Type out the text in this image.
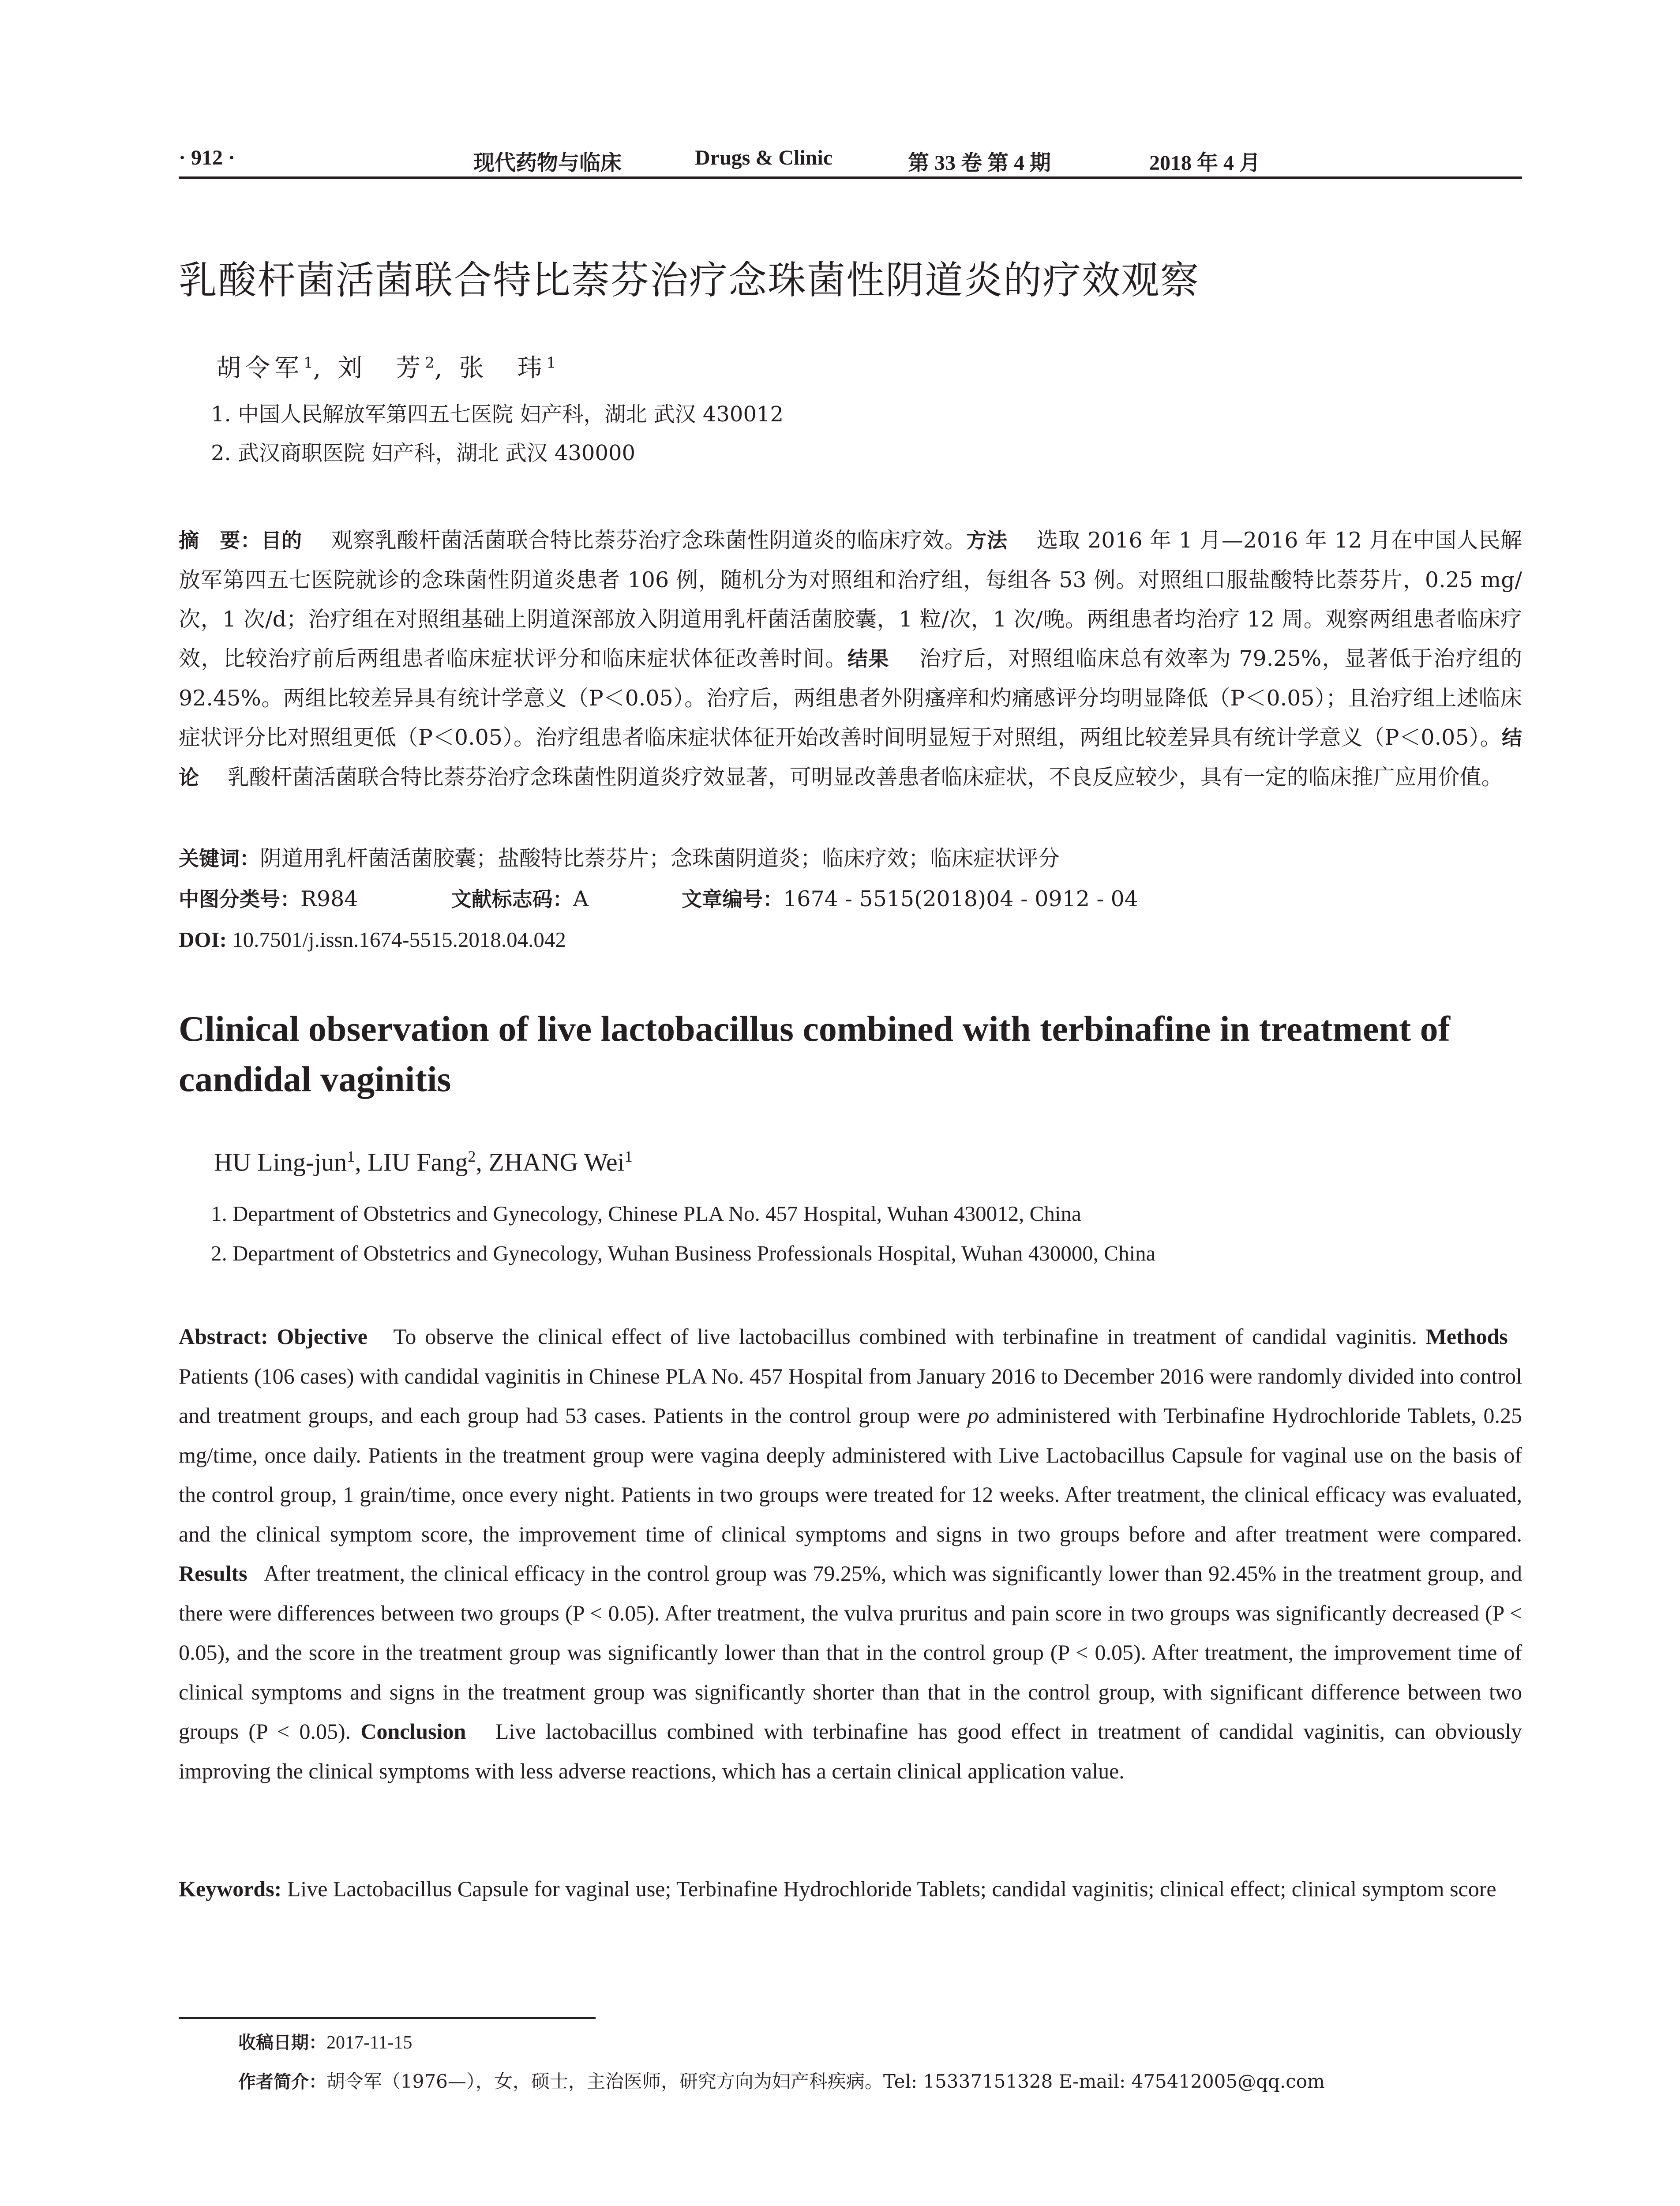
· 912 ·	现代药物与临床	Drugs & Clinic	第 33 卷 第 4 期	2018 年 4 月
乳酸杆菌活菌联合特比萘芬治疗念珠菌性阴道炎的疗效观察
胡令军$^1$, 刘　芳$^2$, 张　玮$^1$
1. 中国人民解放军第四五七医院 妇产科，湖北 武汉 430012
2. 武汉商职医院 妇产科，湖北 武汉 430000
摘　要：目的　 观察乳酸杆菌活菌联合特比萘芬治疗念珠菌性阴道炎的临床疗效。方法　 选取 2016 年 1 月—2016 年 12 月在中国人民解放军第四五七医院就诊的念珠菌性阴道炎患者 106 例，随机分为对照组和治疗组，每组各 53 例。对照组口服盐酸特比萘芬片，0.25 mg/次，1 次/d；治疗组在对照组基础上阴道深部放入阴道用乳杆菌活菌胶囊，1 粒/次，1 次/晚。两组患者均治疗 12 周。观察两组患者临床疗效，比较治疗前后两组患者临床症状评分和临床症状体征改善时间。结果　 治疗后，对照组临床总有效率为 79.25%，显著低于治疗组的 92.45%。两组比较差异具有统计学意义（P＜0.05）。治疗后，两组患者外阴瘙痒和灼痛感评分均明显降低（P＜0.05）；且治疗组上述临床症状评分比对照组更低（P＜0.05）。治疗组患者临床症状体征开始改善时间明显短于对照组，两组比较差异具有统计学意义（P＜0.05）。结论　 乳酸杆菌活菌联合特比萘芬治疗念珠菌性阴道炎疗效显著，可明显改善患者临床症状，不良反应较少，具有一定的临床推广应用价值。
关键词：阴道用乳杆菌活菌胶囊；盐酸特比萘芬片；念珠菌阴道炎；临床疗效；临床症状评分
中图分类号：R984	文献标志码：A	文章编号：1674 - 5515(2018)04 - 0912 - 04
DOI: 10.7501/j.issn.1674-5515.2018.04.042
Clinical observation of live lactobacillus combined with terbinafine in treatment of candidal vaginitis
HU Ling-jun$^1$, LIU Fang$^2$, ZHANG Wei$^1$
1. Department of Obstetrics and Gynecology, Chinese PLA No. 457 Hospital, Wuhan 430012, China
2. Department of Obstetrics and Gynecology, Wuhan Business Professionals Hospital, Wuhan 430000, China
Abstract: Objective To observe the clinical effect of live lactobacillus combined with terbinafine in treatment of candidal vaginitis. Methods   Patients (106 cases) with candidal vaginitis in Chinese PLA No. 457 Hospital from January 2016 to December 2016 were randomly divided into control and treatment groups, and each group had 53 cases. Patients in the control group were po administered with Terbinafine Hydrochloride Tablets, 0.25 mg/time, once daily. Patients in the treatment group were vagina deeply administered with Live Lactobacillus Capsule for vaginal use on the basis of the control group, 1 grain/time, once every night. Patients in two groups were treated for 12 weeks. After treatment, the clinical efficacy was evaluated, and the clinical symptom score, the improvement time of clinical symptoms and signs in two groups before and after treatment were compared. Results After treatment, the clinical efficacy in the control group was 79.25%, which was significantly lower than 92.45% in the treatment group, and there were differences between two groups (P < 0.05). After treatment, the vulva pruritus and pain score in two groups was significantly decreased (P < 0.05), and the score in the treatment group was significantly lower than that in the control group (P < 0.05). After treatment, the improvement time of clinical symptoms and signs in the treatment group was significantly shorter than that in the control group, with significant difference between two groups (P < 0.05). Conclusion Live lactobacillus combined with terbinafine has good effect in treatment of candidal vaginitis, can obviously improving the clinical symptoms with less adverse reactions, which has a certain clinical application value.
Keywords: Live Lactobacillus Capsule for vaginal use; Terbinafine Hydrochloride Tablets; candidal vaginitis; clinical effect; clinical symptom score
收稿日期：2017-11-15
作者简介：胡令军（1976—），女，硕士，主治医师，研究方向为妇产科疾病。Tel: 15337151328 E-mail: 475412005@qq.com
